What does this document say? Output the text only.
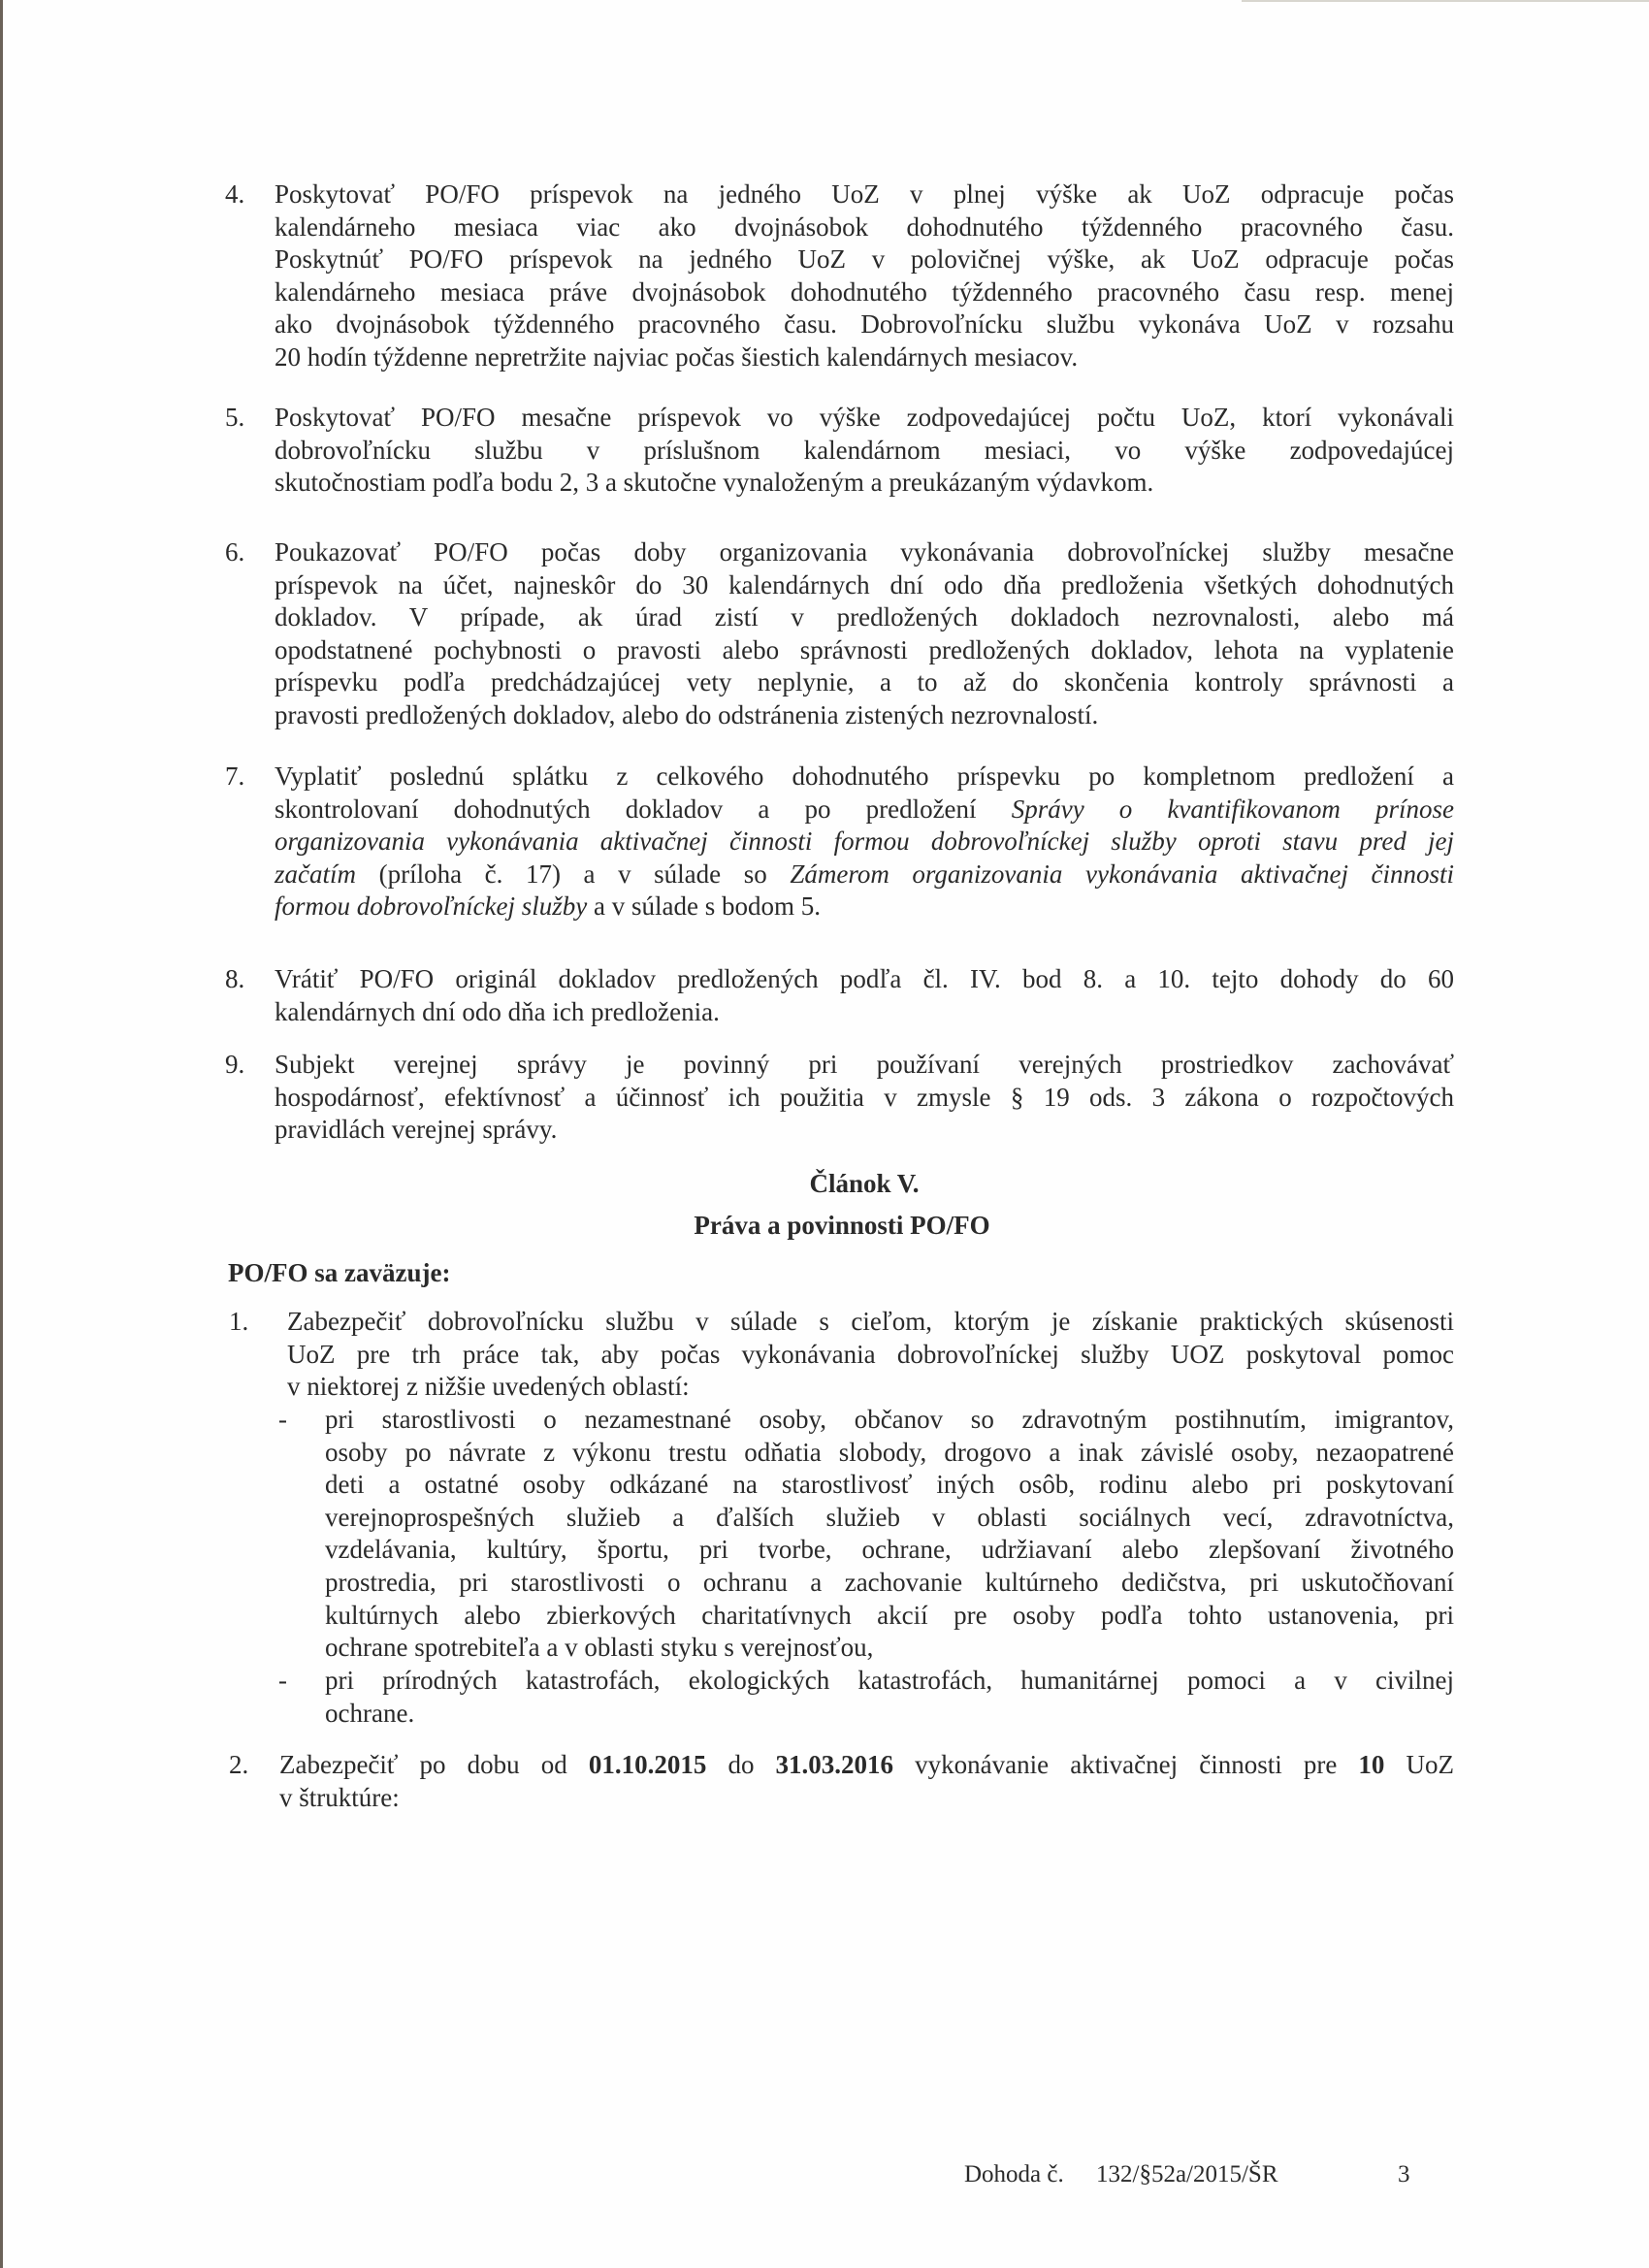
4. Poskytovať PO/FO príspevok na jedného UoZ v plnej výške ak UoZ odpracuje počas
kalendárneho mesiaca viac ako dvojnásobok dohodnutého týždenného pracovného času.
Poskytnúť PO/FO príspevok na jedného UoZ v polovičnej výške, ak UoZ odpracuje počas
kalendárneho mesiaca práve dvojnásobok dohodnutého týždenného pracovného času resp. menej
ako dvojnásobok týždenného pracovného času. Dobrovoľnícku službu vykonáva UoZ v rozsahu
20 hodín týždenne nepretržite najviac počas šiestich kalendárnych mesiacov.
5. Poskytovať PO/FO mesačne príspevok vo výške zodpovedajúcej počtu UoZ, ktorí vykonávali
dobrovoľnícku službu v príslušnom kalendárnom mesiaci, vo výške zodpovedajúcej
skutočnostiam podľa bodu 2, 3 a skutočne vynaloženým a preukázaným výdavkom.
6. Poukazovať PO/FO počas doby organizovania vykonávania dobrovoľníckej služby mesačne
príspevok na účet, najneskôr do 30 kalendárnych dní odo dňa predloženia všetkých dohodnutých
dokladov. V prípade, ak úrad zistí v predložených dokladoch nezrovnalosti, alebo má
opodstatnené pochybnosti o pravosti alebo správnosti predložených dokladov, lehota na vyplatenie
príspevku podľa predchádzajúcej vety neplynie, a to až do skončenia kontroly správnosti a
pravosti predložených dokladov, alebo do odstránenia zistených nezrovnalostí.
7. Vyplatiť poslednú splátku z celkového dohodnutého príspevku po kompletnom predložení a
skontrolovaní dohodnutých dokladov a po predložení Správy o kvantifikovanom prínose
organizovania vykonávania aktivačnej činnosti formou dobrovoľníckej služby oproti stavu pred jej
začatím (príloha č. 17) a v súlade so Zámerom organizovania vykonávania aktivačnej činnosti
formou dobrovoľníckej služby a v súlade s bodom 5.
8. Vrátiť PO/FO originál dokladov predložených podľa čl. IV. bod 8. a 10. tejto dohody do 60
kalendárnych dní odo dňa ich predloženia.
9. Subjekt verejnej správy je povinný pri používaní verejných prostriedkov zachovávať
hospodárnosť, efektívnosť a účinnosť ich použitia v zmysle § 19 ods. 3 zákona o rozpočtových
pravidlách verejnej správy.
Článok V.
Práva a povinnosti PO/FO
PO/FO sa zaväzuje:
1. Zabezpečiť dobrovoľnícku službu v súlade s cieľom, ktorým je získanie praktických skúsenosti
UoZ pre trh práce tak, aby počas vykonávania dobrovoľníckej služby UOZ poskytoval pomoc
v niektorej z nižšie uvedených oblastí:
- pri starostlivosti o nezamestnané osoby, občanov so zdravotným postihnutím, imigrantov,
osoby po návrate z výkonu trestu odňatia slobody, drogovo a inak závislé osoby, nezaopatrené
deti a ostatné osoby odkázané na starostlivosť iných osôb, rodinu alebo pri poskytovaní
verejnoprospešných služieb a ďalších služieb v oblasti sociálnych vecí, zdravotníctva,
vzdelávania, kultúry, športu, pri tvorbe, ochrane, udržiavaní alebo zlepšovaní životného
prostredia, pri starostlivosti o ochranu a zachovanie kultúrneho dedičstva, pri uskutočňovaní
kultúrnych alebo zbierkových charitatívnych akcií pre osoby podľa tohto ustanovenia, pri
ochrane spotrebiteľa a v oblasti styku s verejnosťou,
- pri prírodných katastrofách, ekologických katastrofách, humanitárnej pomoci a v civilnej
ochrane.
2. Zabezpečiť po dobu od 01.10.2015 do 31.03.2016 vykonávanie aktivačnej činnosti pre 10 UoZ
v štruktúre:
Dohoda č. 132/§52a/2015/ŠR	3
